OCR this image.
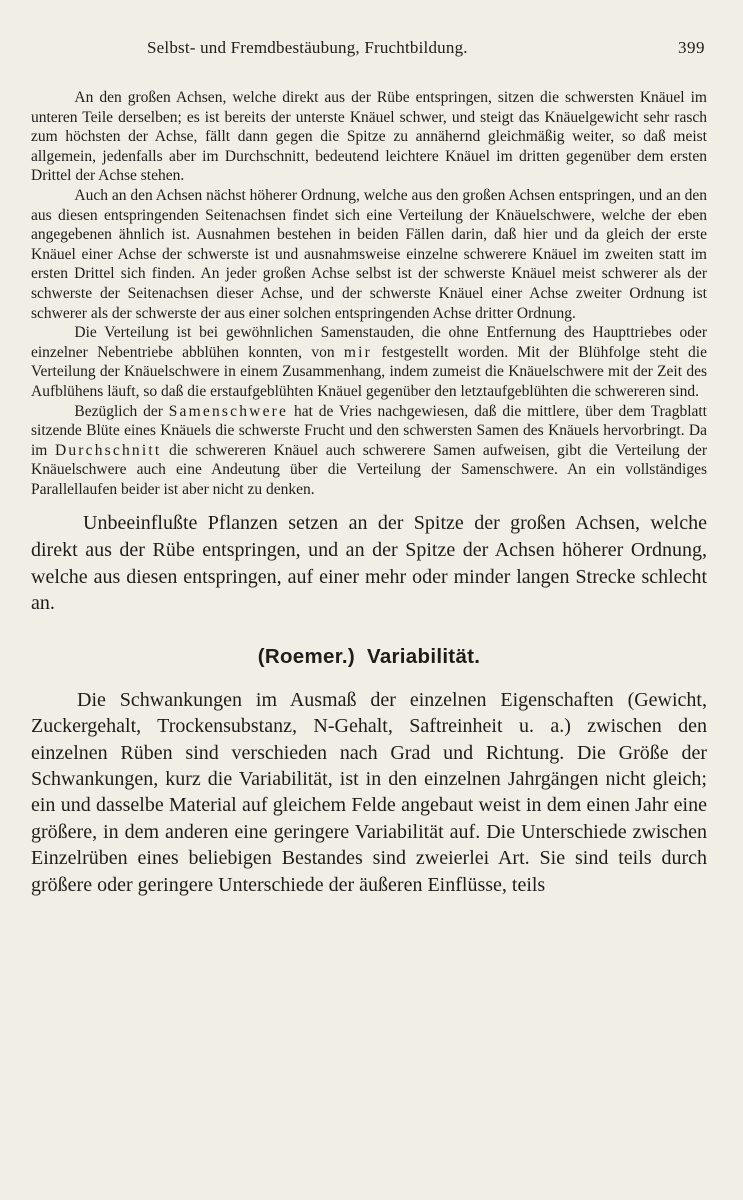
Selbst- und Fremdbestäubung, Fruchtbildung.	399

An den großen Achsen, welche direkt aus der Rübe entspringen, sitzen die schwersten Knäuel im unteren Teile derselben; es ist bereits der unterste Knäuel schwer, und steigt das Knäuelgewicht sehr rasch zum höchsten der Achse, fällt dann gegen die Spitze zu annähernd gleichmäßig weiter, so daß meist allgemein, jedenfalls aber im Durchschnitt, bedeutend leichtere Knäuel im dritten gegenüber dem ersten Drittel der Achse stehen.

Auch an den Achsen nächst höherer Ordnung, welche aus den großen Achsen entspringen, und an den aus diesen entspringenden Seitenachsen findet sich eine Verteilung der Knäuelschwere, welche der eben angegebenen ähnlich ist. Ausnahmen bestehen in beiden Fällen darin, daß hier und da gleich der erste Knäuel einer Achse der schwerste ist und ausnahmsweise einzelne schwerere Knäuel im zweiten statt im ersten Drittel sich finden. An jeder großen Achse selbst ist der schwerste Knäuel meist schwerer als der schwerste der Seitenachsen dieser Achse, und der schwerste Knäuel einer Achse zweiter Ordnung ist schwerer als der schwerste der aus einer solchen entspringenden Achse dritter Ordnung.

Die Verteilung ist bei gewöhnlichen Samenstauden, die ohne Entfernung des Haupttriebes oder einzelner Nebentriebe abblühen konnten, von mir festgestellt worden. Mit der Blühfolge steht die Verteilung der Knäuelschwere in einem Zusammenhang, indem zumeist die Knäuelschwere mit der Zeit des Aufblühens läuft, so daß die erstaufgeblühten Knäuel gegenüber den letztaufgeblühten die schwereren sind.

Bezüglich der Samenschwere hat de Vries nachgewiesen, daß die mittlere, über dem Tragblatt sitzende Blüte eines Knäuels die schwerste Frucht und den schwersten Samen des Knäuels hervorbringt. Da im Durchschnitt die schwereren Knäuel auch schwerere Samen aufweisen, gibt die Verteilung der Knäuelschwere auch eine Andeutung über die Verteilung der Samenschwere. An ein vollständiges Parallellaufen beider ist aber nicht zu denken.

Unbeeinflußte Pflanzen setzen an der Spitze der großen Achsen, welche direkt aus der Rübe entspringen, und an der Spitze der Achsen höherer Ordnung, welche aus diesen entspringen, auf einer mehr oder minder langen Strecke schlecht an.

(Roemer.) Variabilität.

Die Schwankungen im Ausmaß der einzelnen Eigenschaften (Gewicht, Zuckergehalt, Trockensubstanz, N-Gehalt, Saftreinheit u. a.) zwischen den einzelnen Rüben sind verschieden nach Grad und Richtung. Die Größe der Schwankungen, kurz die Variabilität, ist in den einzelnen Jahrgängen nicht gleich; ein und dasselbe Material auf gleichem Felde angebaut weist in dem einen Jahr eine größere, in dem anderen eine geringere Variabilität auf. Die Unterschiede zwischen Einzelrüben eines beliebigen Bestandes sind zweierlei Art. Sie sind teils durch größere oder geringere Unterschiede der äußeren Einflüsse, teils
